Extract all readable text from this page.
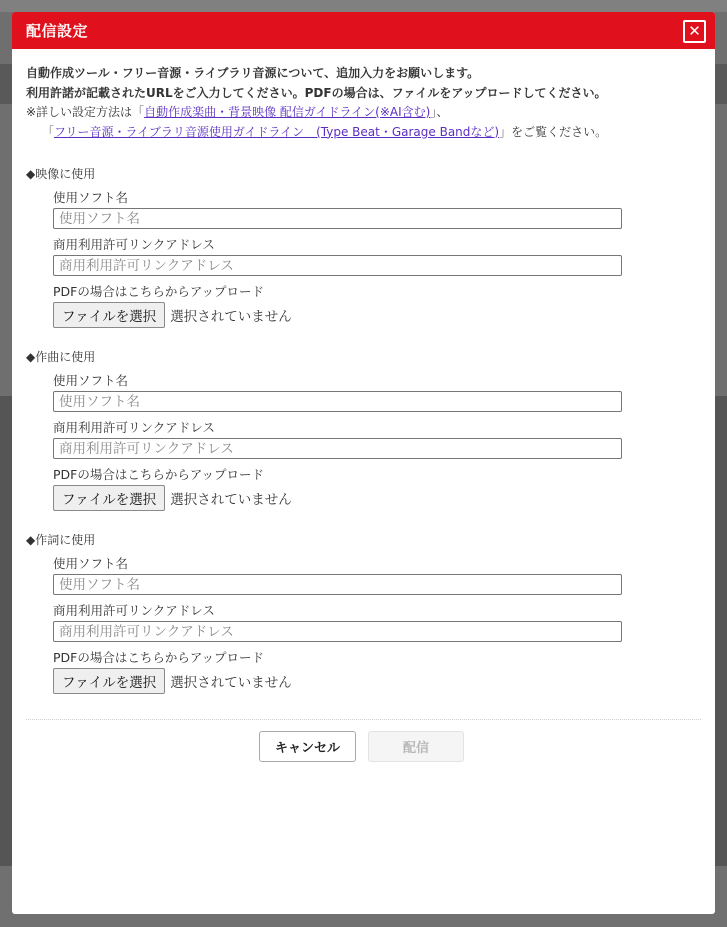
配信設定	✕
自動作成ツール・フリー音源・ライブラリ音源について、追加入力をお願いします。
利用許諾が記載されたURLをご入力してください。PDFの場合は、ファイルをアップロードしてください。
※詳しい設定方法は「自動作成楽曲・背景映像 配信ガイドライン(※AI含む)」、
「フリー音源・ライブラリ音源使用ガイドライン　(Type Beat・Garage Bandなど)」をご覧ください。
◆映像に使用
使用ソフト名
使用ソフト名
商用利用許可リンクアドレス
商用利用許可リンクアドレス
PDFの場合はこちらからアップロード
ファイルを選択	選択されていません
◆作曲に使用
使用ソフト名
使用ソフト名
商用利用許可リンクアドレス
商用利用許可リンクアドレス
PDFの場合はこちらからアップロード
ファイルを選択	選択されていません
◆作詞に使用
使用ソフト名
使用ソフト名
商用利用許可リンクアドレス
商用利用許可リンクアドレス
PDFの場合はこちらからアップロード
ファイルを選択	選択されていません
キャンセル	配信
